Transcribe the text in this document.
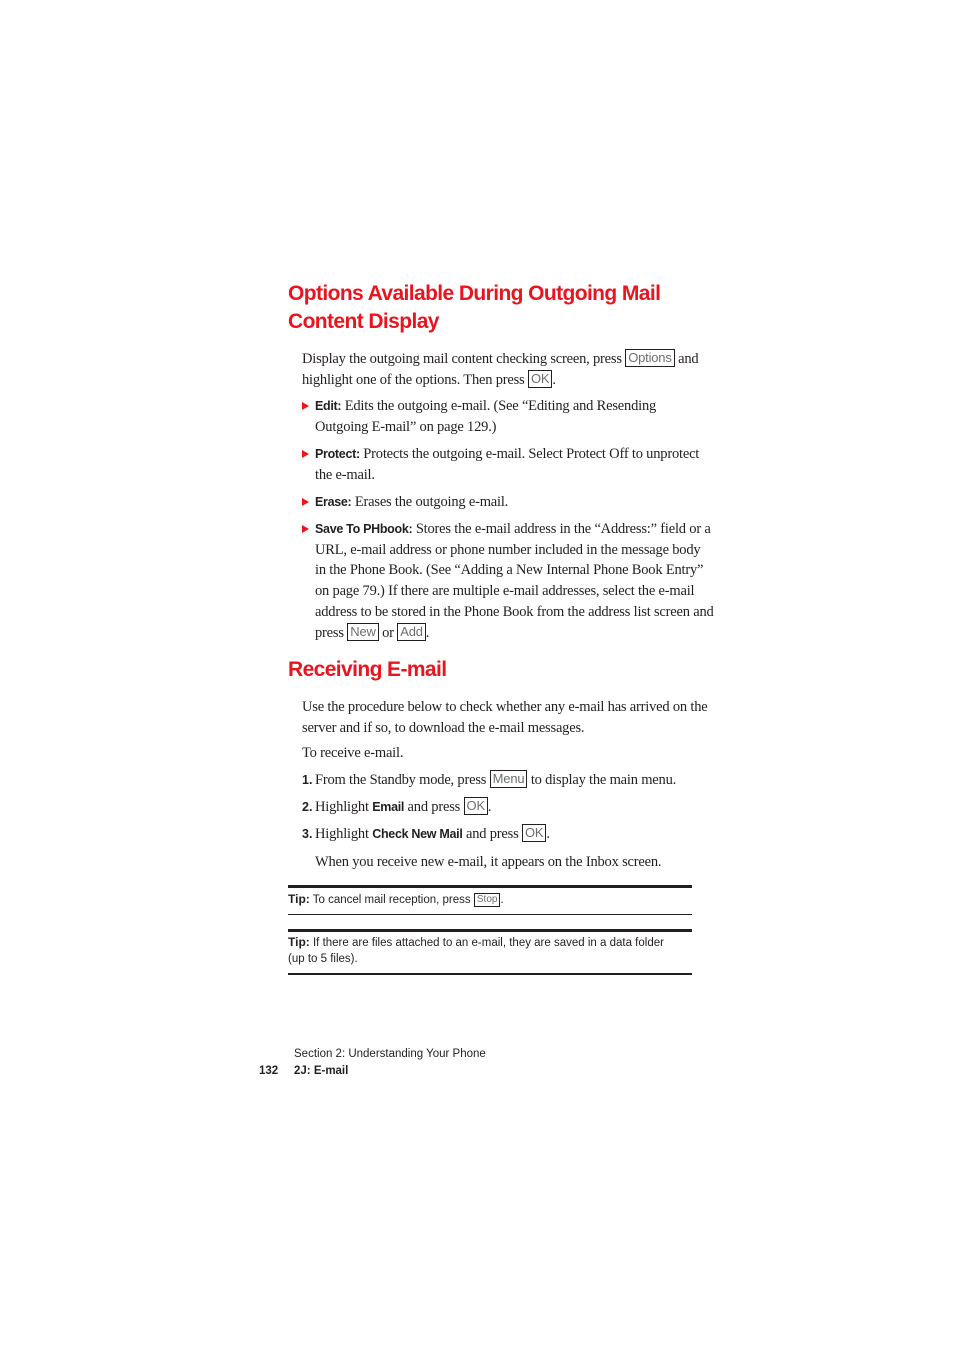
Options Available During Outgoing Mail
Content Display

Display the outgoing mail content checking screen, press Options and
highlight one of the options. Then press OK .

Edit: Edits the outgoing e-mail. (See “Editing and Resending
Outgoing E-mail” on page 129.)

Protect: Protects the outgoing e-mail. Select Protect Off to unprotect
the e-mail.

Erase: Erases the outgoing e-mail.

Save To PHbook: Stores the e-mail address in the “Address:” field or a
URL, e-mail address or phone number included in the message body
in the Phone Book. (See “Adding a New Internal Phone Book Entry”
on page 79.) If there are multiple e-mail addresses, select the e-mail
address to be stored in the Phone Book from the address list screen and
press New or Add .

Receiving E-mail

Use the procedure below to check whether any e-mail has arrived on the
server and if so, to download the e-mail messages.

To receive e-mail.

1. From the Standby mode, press Menu to display the main menu.

2. Highlight Email and press OK .

3. Highlight Check New Mail and press OK .

When you receive new e-mail, it appears on the Inbox screen.

Tip: To cancel mail reception, press Stop .

Tip: If there are files attached to an e-mail, they are saved in a data folder (up to 5 files).

Section 2: Understanding Your Phone

132 2J: E-mail
